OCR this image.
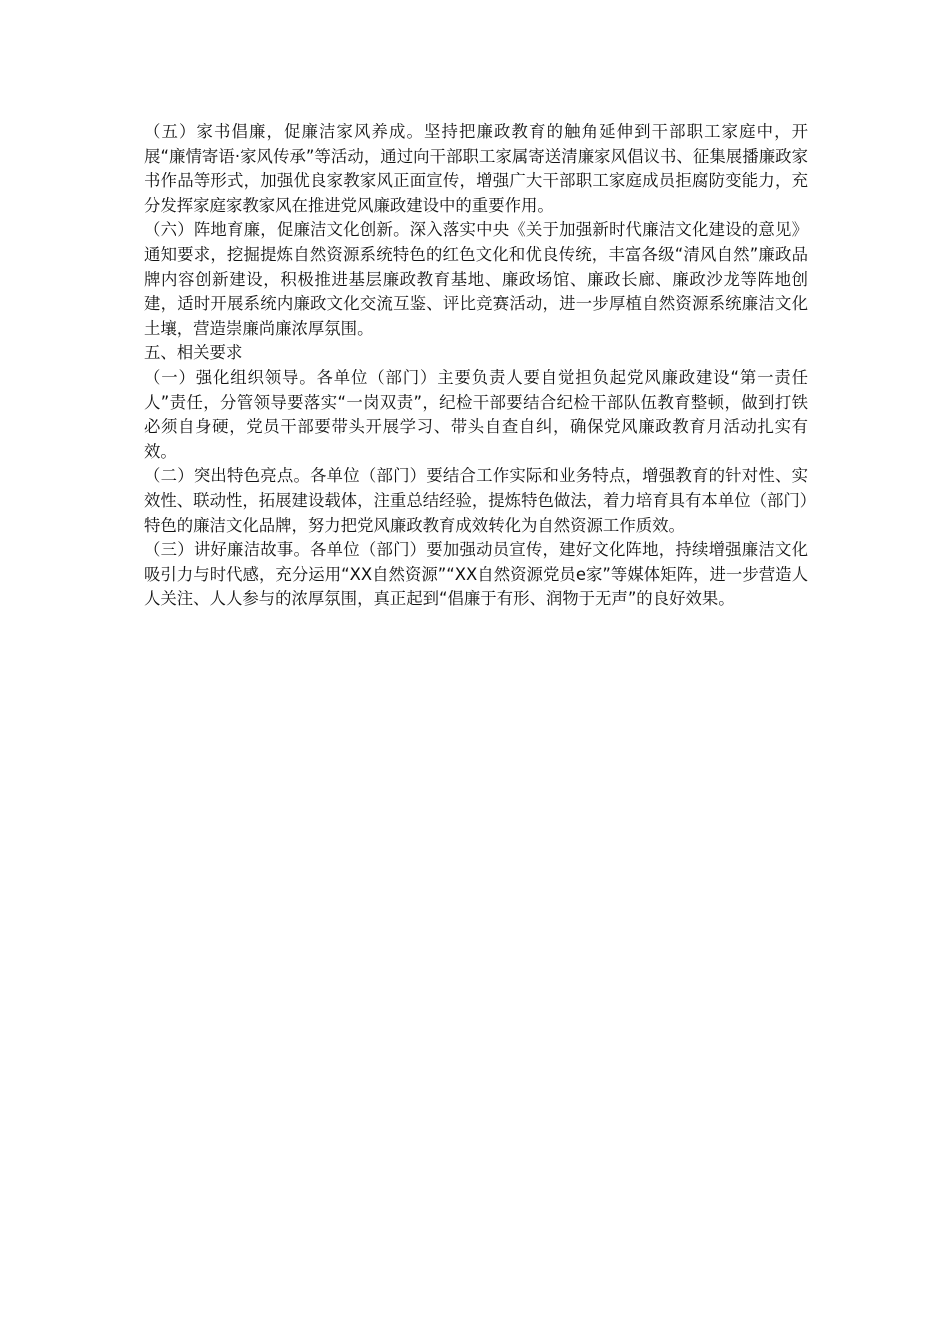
（五）家书倡廉，促廉洁家风养成。坚持把廉政教育的触角延伸到干部职工家庭中，开展“廉情寄语·家风传承”等活动，通过向干部职工家属寄送清廉家风倡议书、征集展播廉政家书作品等形式，加强优良家教家风正面宣传，增强广大干部职工家庭成员拒腐防变能力，充分发挥家庭家教家风在推进党风廉政建设中的重要作用。

（六）阵地育廉，促廉洁文化创新。深入落实中央《关于加强新时代廉洁文化建设的意见》通知要求，挖掘提炼自然资源系统特色的红色文化和优良传统，丰富各级“清风自然”廉政品牌内容创新建设，积极推进基层廉政教育基地、廉政场馆、廉政长廊、廉政沙龙等阵地创建，适时开展系统内廉政文化交流互鉴、评比竞赛活动，进一步厚植自然资源系统廉洁文化土壤，营造崇廉尚廉浓厚氛围。

五、相关要求

（一）强化组织领导。各单位（部门）主要负责人要自觉担负起党风廉政建设“第一责任人”责任，分管领导要落实“一岗双责”，纪检干部要结合纪检干部队伍教育整顿，做到打铁必须自身硬，党员干部要带头开展学习、带头自查自纠，确保党风廉政教育月活动扎实有效。

（二）突出特色亮点。各单位（部门）要结合工作实际和业务特点，增强教育的针对性、实效性、联动性，拓展建设载体，注重总结经验，提炼特色做法，着力培育具有本单位（部门）特色的廉洁文化品牌，努力把党风廉政教育成效转化为自然资源工作质效。

（三）讲好廉洁故事。各单位（部门）要加强动员宣传，建好文化阵地，持续增强廉洁文化吸引力与时代感，充分运用“XX自然资源”“XX自然资源党员e家”等媒体矩阵，进一步营造人人关注、人人参与的浓厚氛围，真正起到“倡廉于有形、润物于无声”的良好效果。
